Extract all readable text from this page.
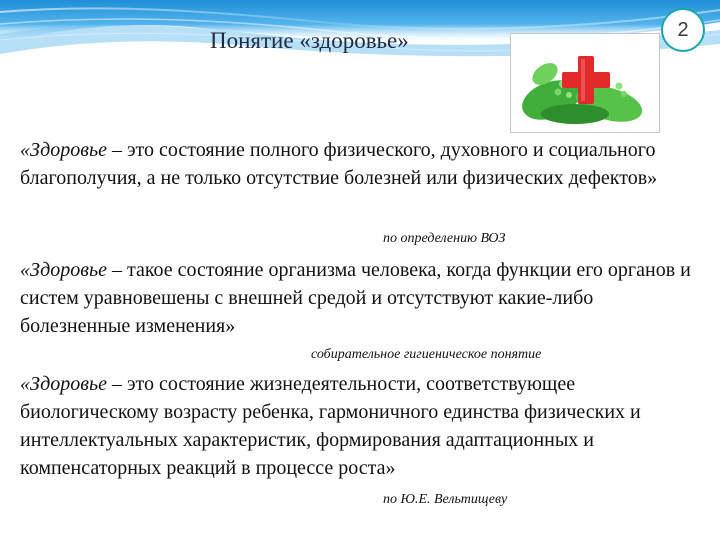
Понятие «здоровье»	2

«Здоровье – это состояние полного физического, духовного и социального благополучия, а не только отсутствие болезней или физических дефектов»

по определению ВОЗ

«Здоровье – такое состояние организма человека, когда функции его органов и систем уравновешены с внешней средой и отсутствуют какие-либо болезненные изменения»

собирательное гигиеническое понятие

«Здоровье – это состояние жизнедеятельности, соответствующее биологическому возрасту ребенка, гармоничного единства физических и интеллектуальных характеристик, формирования адаптационных и компенсаторных реакций в процессе роста»

по Ю.Е. Вельтищеву
